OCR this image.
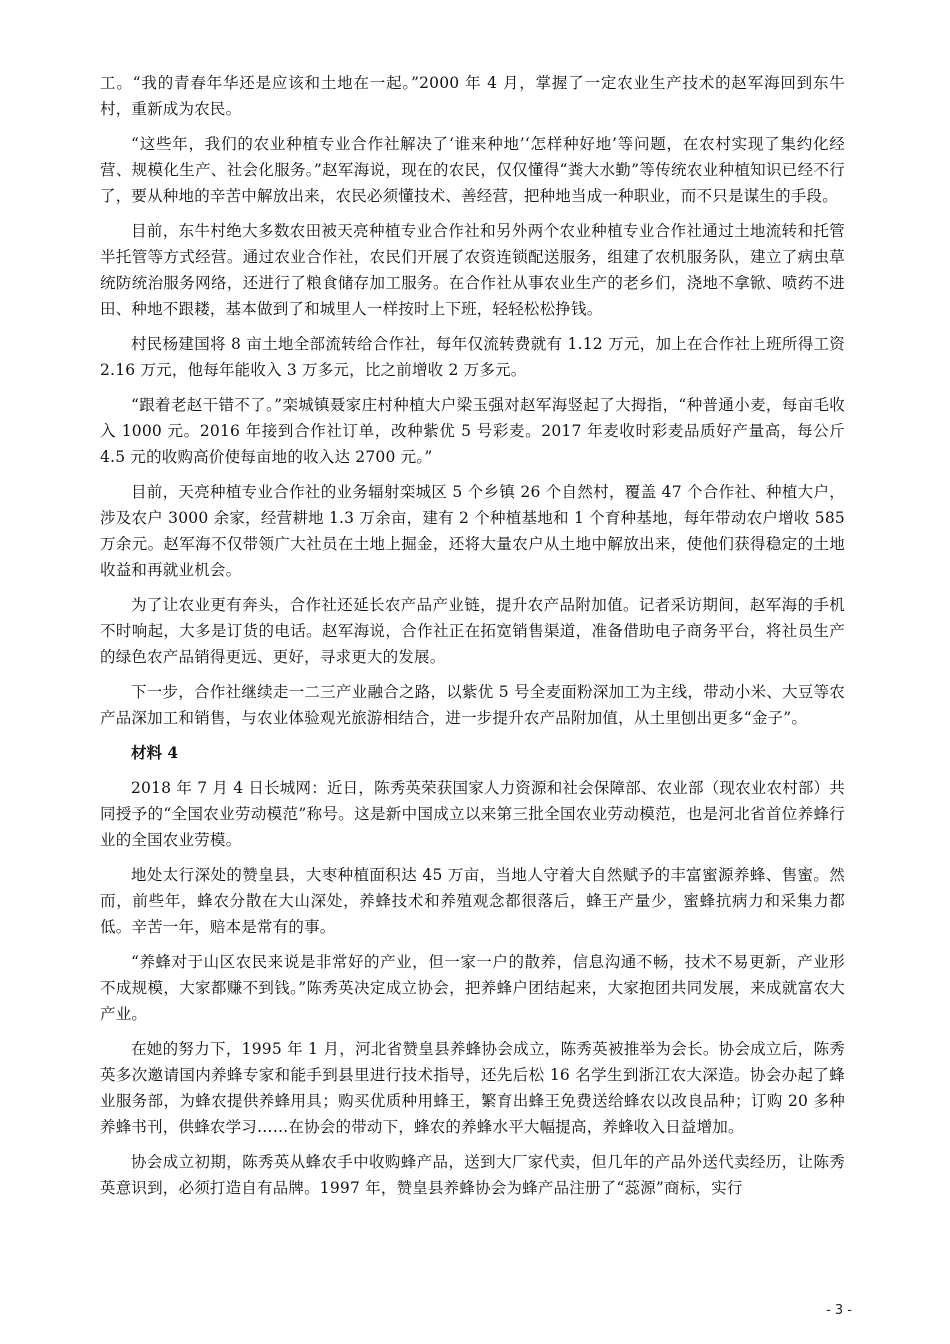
工。“我的青春年华还是应该和土地在一起。”2000 年 4 月，掌握了一定农业生产技术的赵军海回到东牛村，重新成为农民。

“这些年，我们的农业种植专业合作社解决了‘谁来种地’‘怎样种好地’等问题，在农村实现了集约化经营、规模化生产、社会化服务。”赵军海说，现在的农民，仅仅懂得“粪大水勤”等传统农业种植知识已经不行了，要从种地的辛苦中解放出来，农民必须懂技术、善经营，把种地当成一种职业，而不只是谋生的手段。

目前，东牛村绝大多数农田被天亮种植专业合作社和另外两个农业种植专业合作社通过土地流转和托管半托管等方式经营。通过农业合作社，农民们开展了农资连锁配送服务，组建了农机服务队，建立了病虫草统防统治服务网络，还进行了粮食储存加工服务。在合作社从事农业生产的老乡们，浇地不拿锨、喷药不进田、种地不跟耧，基本做到了和城里人一样按时上下班，轻轻松松挣钱。

村民杨建国将 8 亩土地全部流转给合作社，每年仅流转费就有 1.12 万元，加上在合作社上班所得工资 2.16 万元，他每年能收入 3 万多元，比之前增收 2 万多元。

“跟着老赵干错不了。”栾城镇聂家庄村种植大户梁玉强对赵军海竖起了大拇指，“种普通小麦，每亩毛收入 1000 元。2016 年接到合作社订单，改种紫优 5 号彩麦。2017 年麦收时彩麦品质好产量高，每公斤 4.5 元的收购高价使每亩地的收入达 2700 元。”

目前，天亮种植专业合作社的业务辐射栾城区 5 个乡镇 26 个自然村，覆盖 47 个合作社、种植大户，涉及农户 3000 余家，经营耕地 1.3 万余亩，建有 2 个种植基地和 1 个育种基地，每年带动农户增收 585 万余元。赵军海不仅带领广大社员在土地上掘金，还将大量农户从土地中解放出来，使他们获得稳定的土地收益和再就业机会。

为了让农业更有奔头，合作社还延长农产品产业链，提升农产品附加值。记者采访期间，赵军海的手机不时响起，大多是订货的电话。赵军海说，合作社正在拓宽销售渠道，准备借助电子商务平台，将社员生产的绿色农产品销得更远、更好，寻求更大的发展。

下一步，合作社继续走一二三产业融合之路，以紫优 5 号全麦面粉深加工为主线，带动小米、大豆等农产品深加工和销售，与农业体验观光旅游相结合，进一步提升农产品附加值，从土里刨出更多“金子”。

材料 4

2018 年 7 月 4 日长城网：近日，陈秀英荣获国家人力资源和社会保障部、农业部（现农业农村部）共同授予的“全国农业劳动模范”称号。这是新中国成立以来第三批全国农业劳动模范，也是河北省首位养蜂行业的全国农业劳模。

地处太行深处的赞皇县，大枣种植面积达 45 万亩，当地人守着大自然赋予的丰富蜜源养蜂、售蜜。然而，前些年，蜂农分散在大山深处，养蜂技术和养殖观念都很落后，蜂王产量少，蜜蜂抗病力和采集力都低。辛苦一年，赔本是常有的事。

“养蜂对于山区农民来说是非常好的产业，但一家一户的散养，信息沟通不畅，技术不易更新，产业形不成规模，大家都赚不到钱。”陈秀英决定成立协会，把养蜂户团结起来，大家抱团共同发展，来成就富农大产业。

在她的努力下，1995 年 1 月，河北省赞皇县养蜂协会成立，陈秀英被推举为会长。协会成立后，陈秀英多次邀请国内养蜂专家和能手到县里进行技术指导，还先后松 16 名学生到浙江农大深造。协会办起了蜂业服务部，为蜂农提供养蜂用具；购买优质种用蜂王，繁育出蜂王免费送给蜂农以改良品种；订购 20 多种养蜂书刊，供蜂农学习……在协会的带动下，蜂农的养蜂水平大幅提高，养蜂收入日益增加。

协会成立初期，陈秀英从蜂农手中收购蜂产品，送到大厂家代卖，但几年的产品外送代卖经历，让陈秀英意识到，必须打造自有品牌。1997 年，赞皇县养蜂协会为蜂产品注册了“蕊源”商标，实行

- 3 -
